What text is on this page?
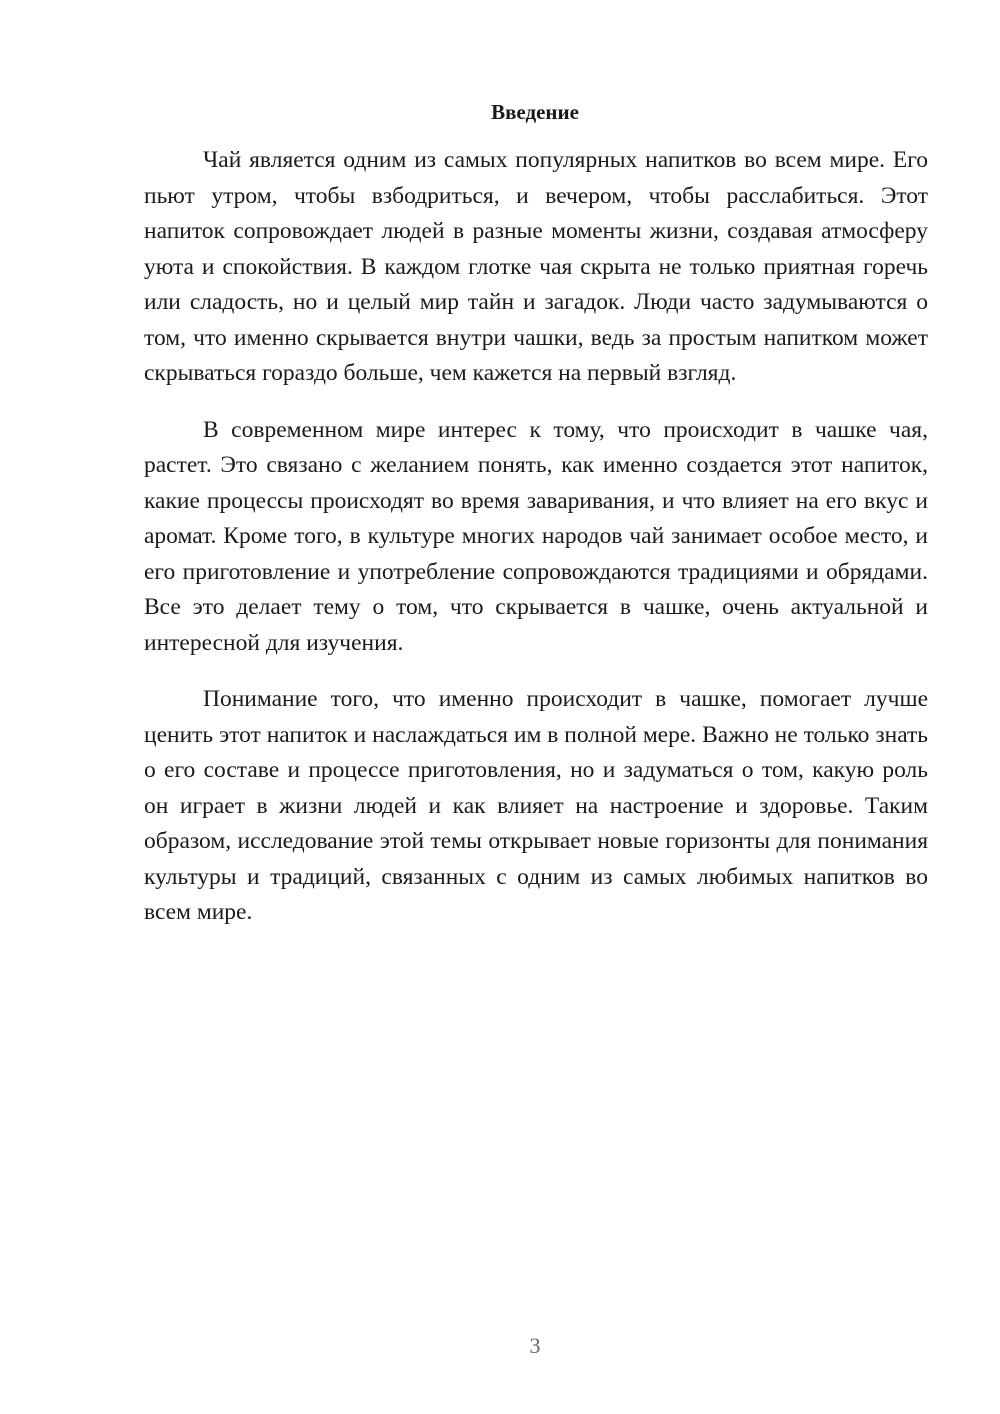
Введение

Чай является одним из самых популярных напитков во всем мире. Его пьют утром, чтобы взбодриться, и вечером, чтобы расслабиться. Этот напиток сопровождает людей в разные моменты жизни, создавая атмосферу уюта и спокойствия. В каждом глотке чая скрыта не только приятная горечь или сладость, но и целый мир тайн и загадок. Люди часто задумываются о том, что именно скрывается внутри чашки, ведь за простым напитком может скрываться гораздо больше, чем кажется на первый взгляд.

В современном мире интерес к тому, что происходит в чашке чая, растет. Это связано с желанием понять, как именно создается этот напиток, какие процессы происходят во время заваривания, и что влияет на его вкус и аромат. Кроме того, в культуре многих народов чай занимает особое место, и его приготовление и употребление сопровождаются традициями и обрядами. Все это делает тему о том, что скрывается в чашке, очень актуальной и интересной для изучения.

Понимание того, что именно происходит в чашке, помогает лучше ценить этот напиток и наслаждаться им в полной мере. Важно не только знать о его составе и процессе приготовления, но и задуматься о том, какую роль он играет в жизни людей и как влияет на настроение и здоровье. Таким образом, исследование этой темы открывает новые горизонты для понимания культуры и традиций, связанных с одним из самых любимых напитков во всем мире.

3
